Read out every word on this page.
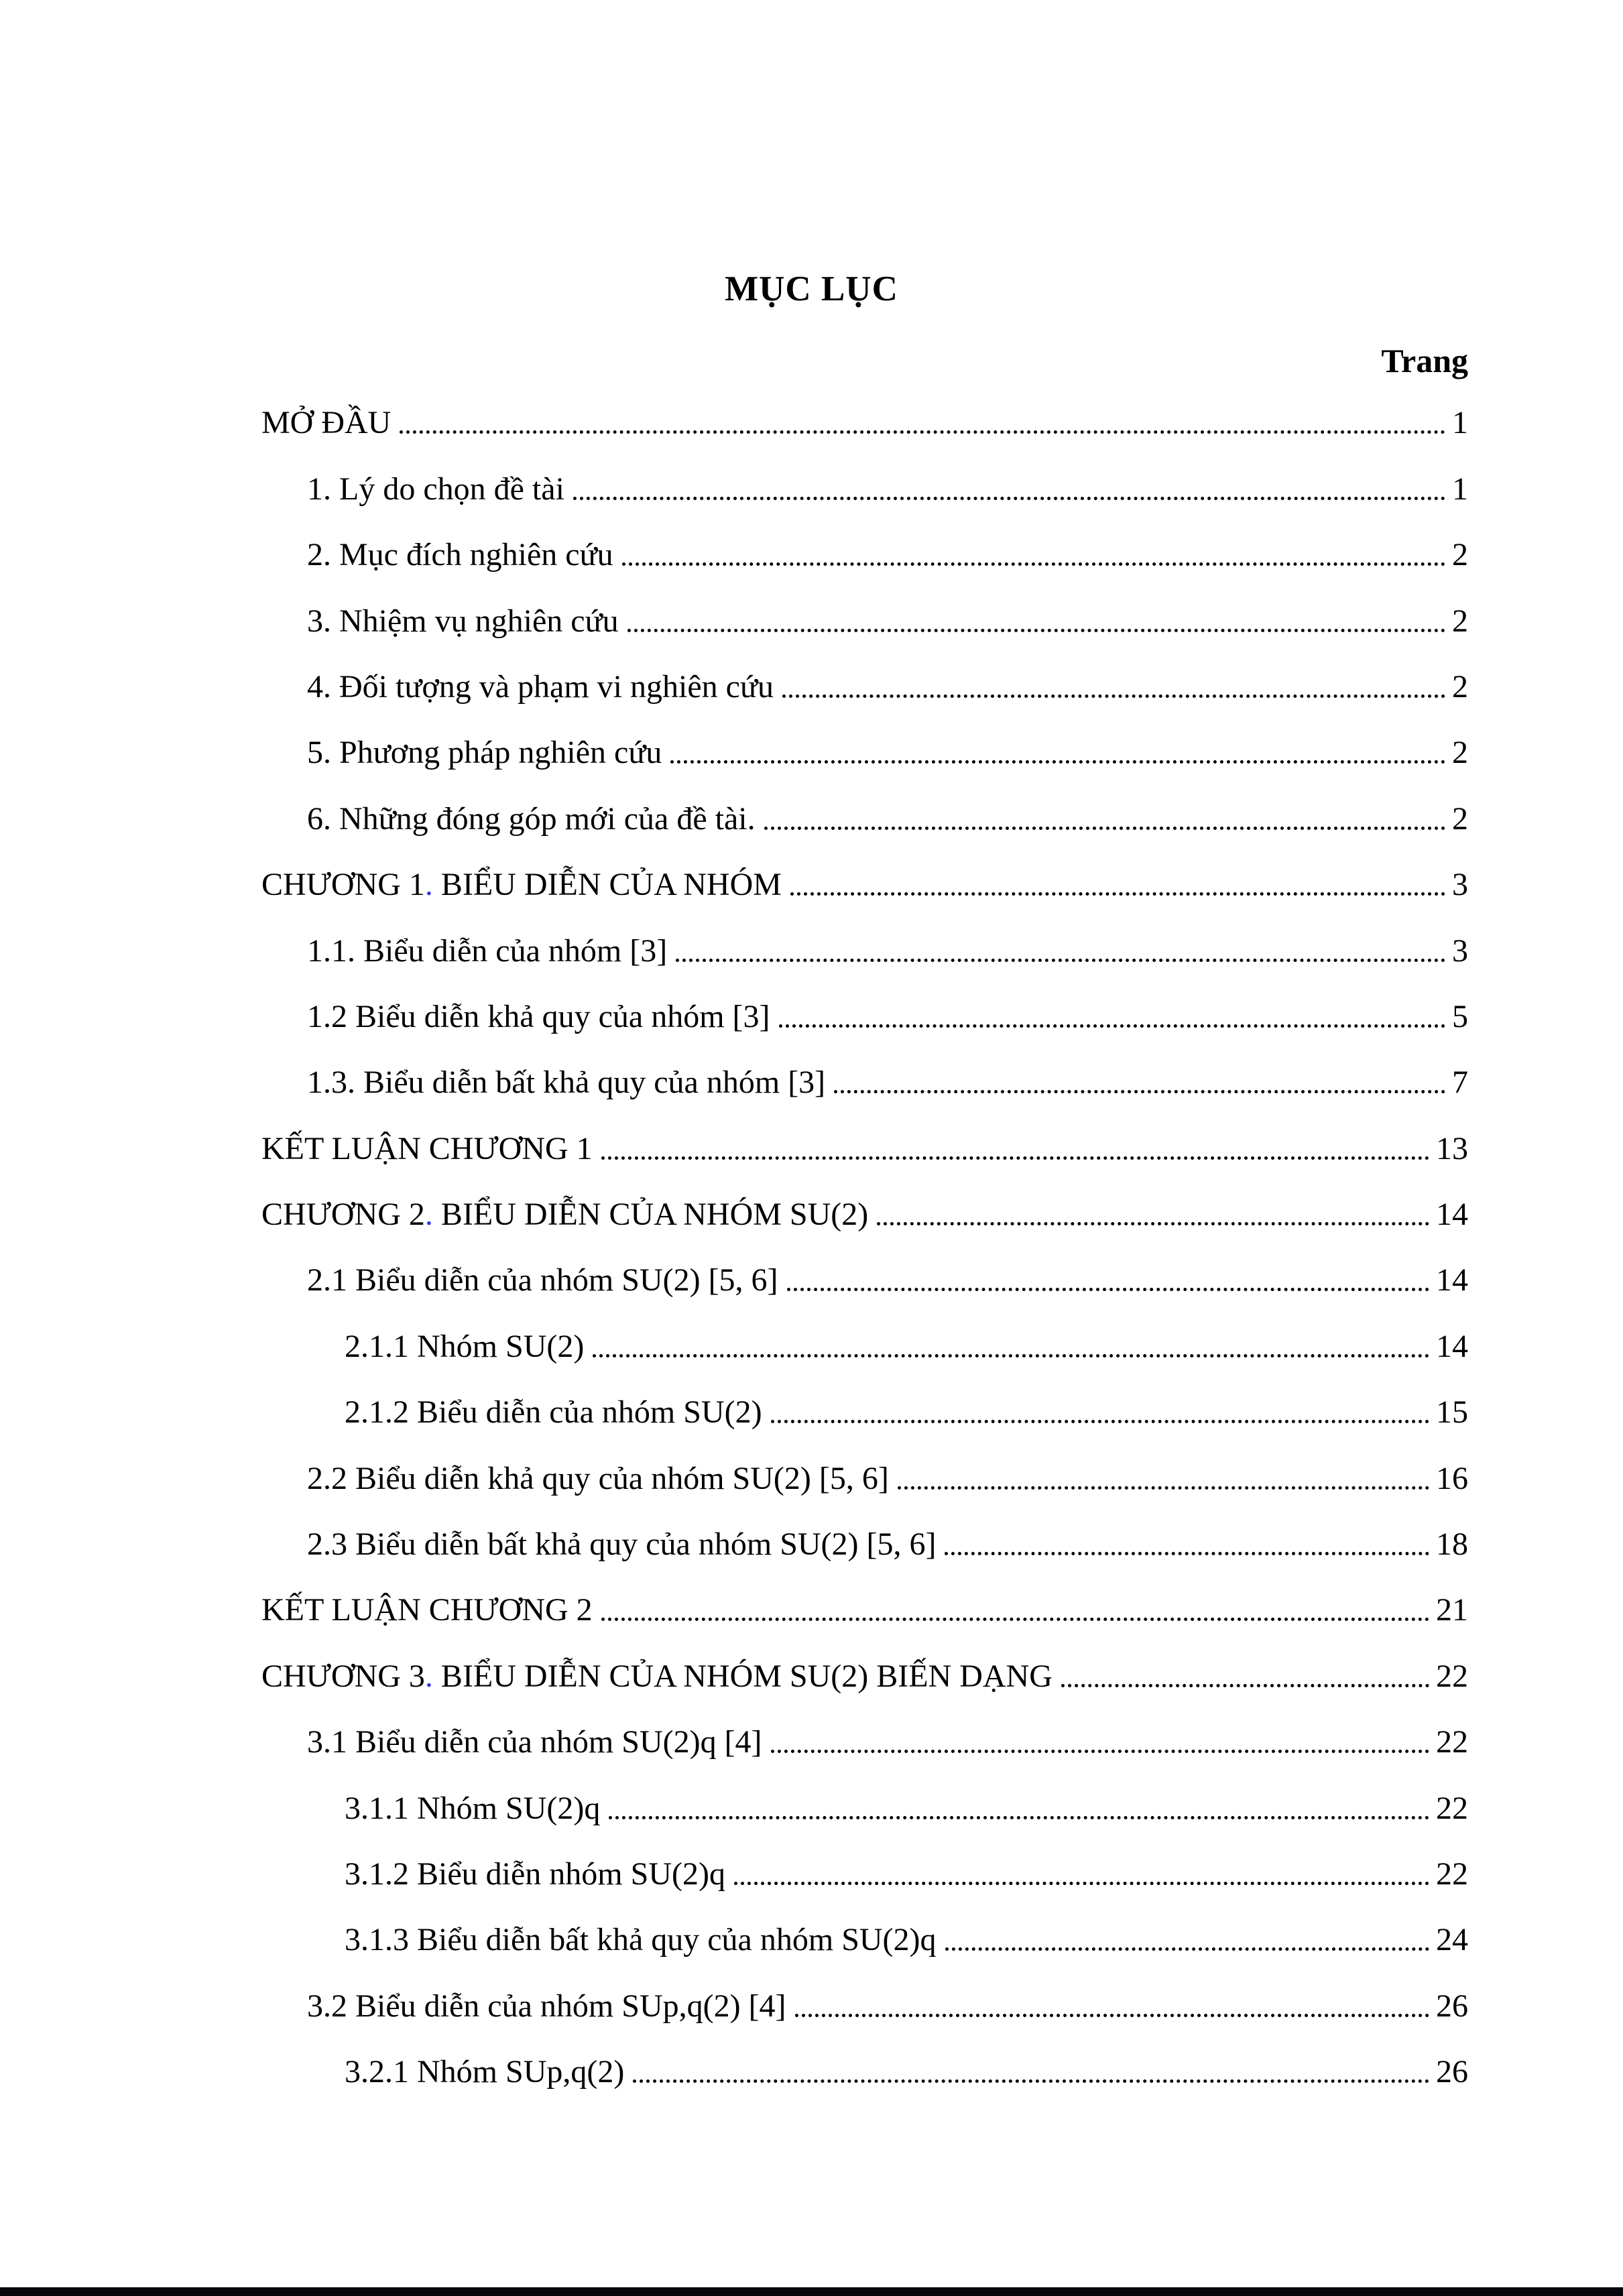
MỤC LỤC
Trang
MỞ ĐẦU	1
1. Lý do chọn đề tài	1
2. Mục đích nghiên cứu	2
3. Nhiệm vụ nghiên cứu	2
4. Đối tượng và phạm vi nghiên cứu	2
5. Phương pháp nghiên cứu	2
6. Những đóng góp mới của đề tài.	2
CHƯƠNG 1. BIỂU DIỄN CỦA NHÓM	3
1.1. Biểu diễn của nhóm [3]	3
1.2 Biểu diễn khả quy của nhóm [3]	5
1.3. Biểu diễn bất khả quy của nhóm [3]	7
KẾT LUẬN CHƯƠNG 1	13
CHƯƠNG 2. BIỂU DIỄN CỦA NHÓM SU(2)	14
2.1 Biểu diễn của nhóm SU(2) [5, 6]	14
2.1.1 Nhóm SU(2)	14
2.1.2 Biểu diễn của nhóm SU(2)	15
2.2 Biểu diễn khả quy của nhóm SU(2) [5, 6]	16
2.3 Biểu diễn bất khả quy của nhóm SU(2) [5, 6]	18
KẾT LUẬN CHƯƠNG 2	21
CHƯƠNG 3. BIỂU DIỄN CỦA NHÓM SU(2) BIẾN DẠNG	22
3.1 Biểu diễn của nhóm SU(2)q [4]	22
3.1.1 Nhóm SU(2)q	22
3.1.2 Biểu diễn nhóm SU(2)q	22
3.1.3 Biểu diễn bất khả quy của nhóm SU(2)q	24
3.2 Biểu diễn của nhóm SUp,q(2) [4]	26
3.2.1 Nhóm SUp,q(2)	26
